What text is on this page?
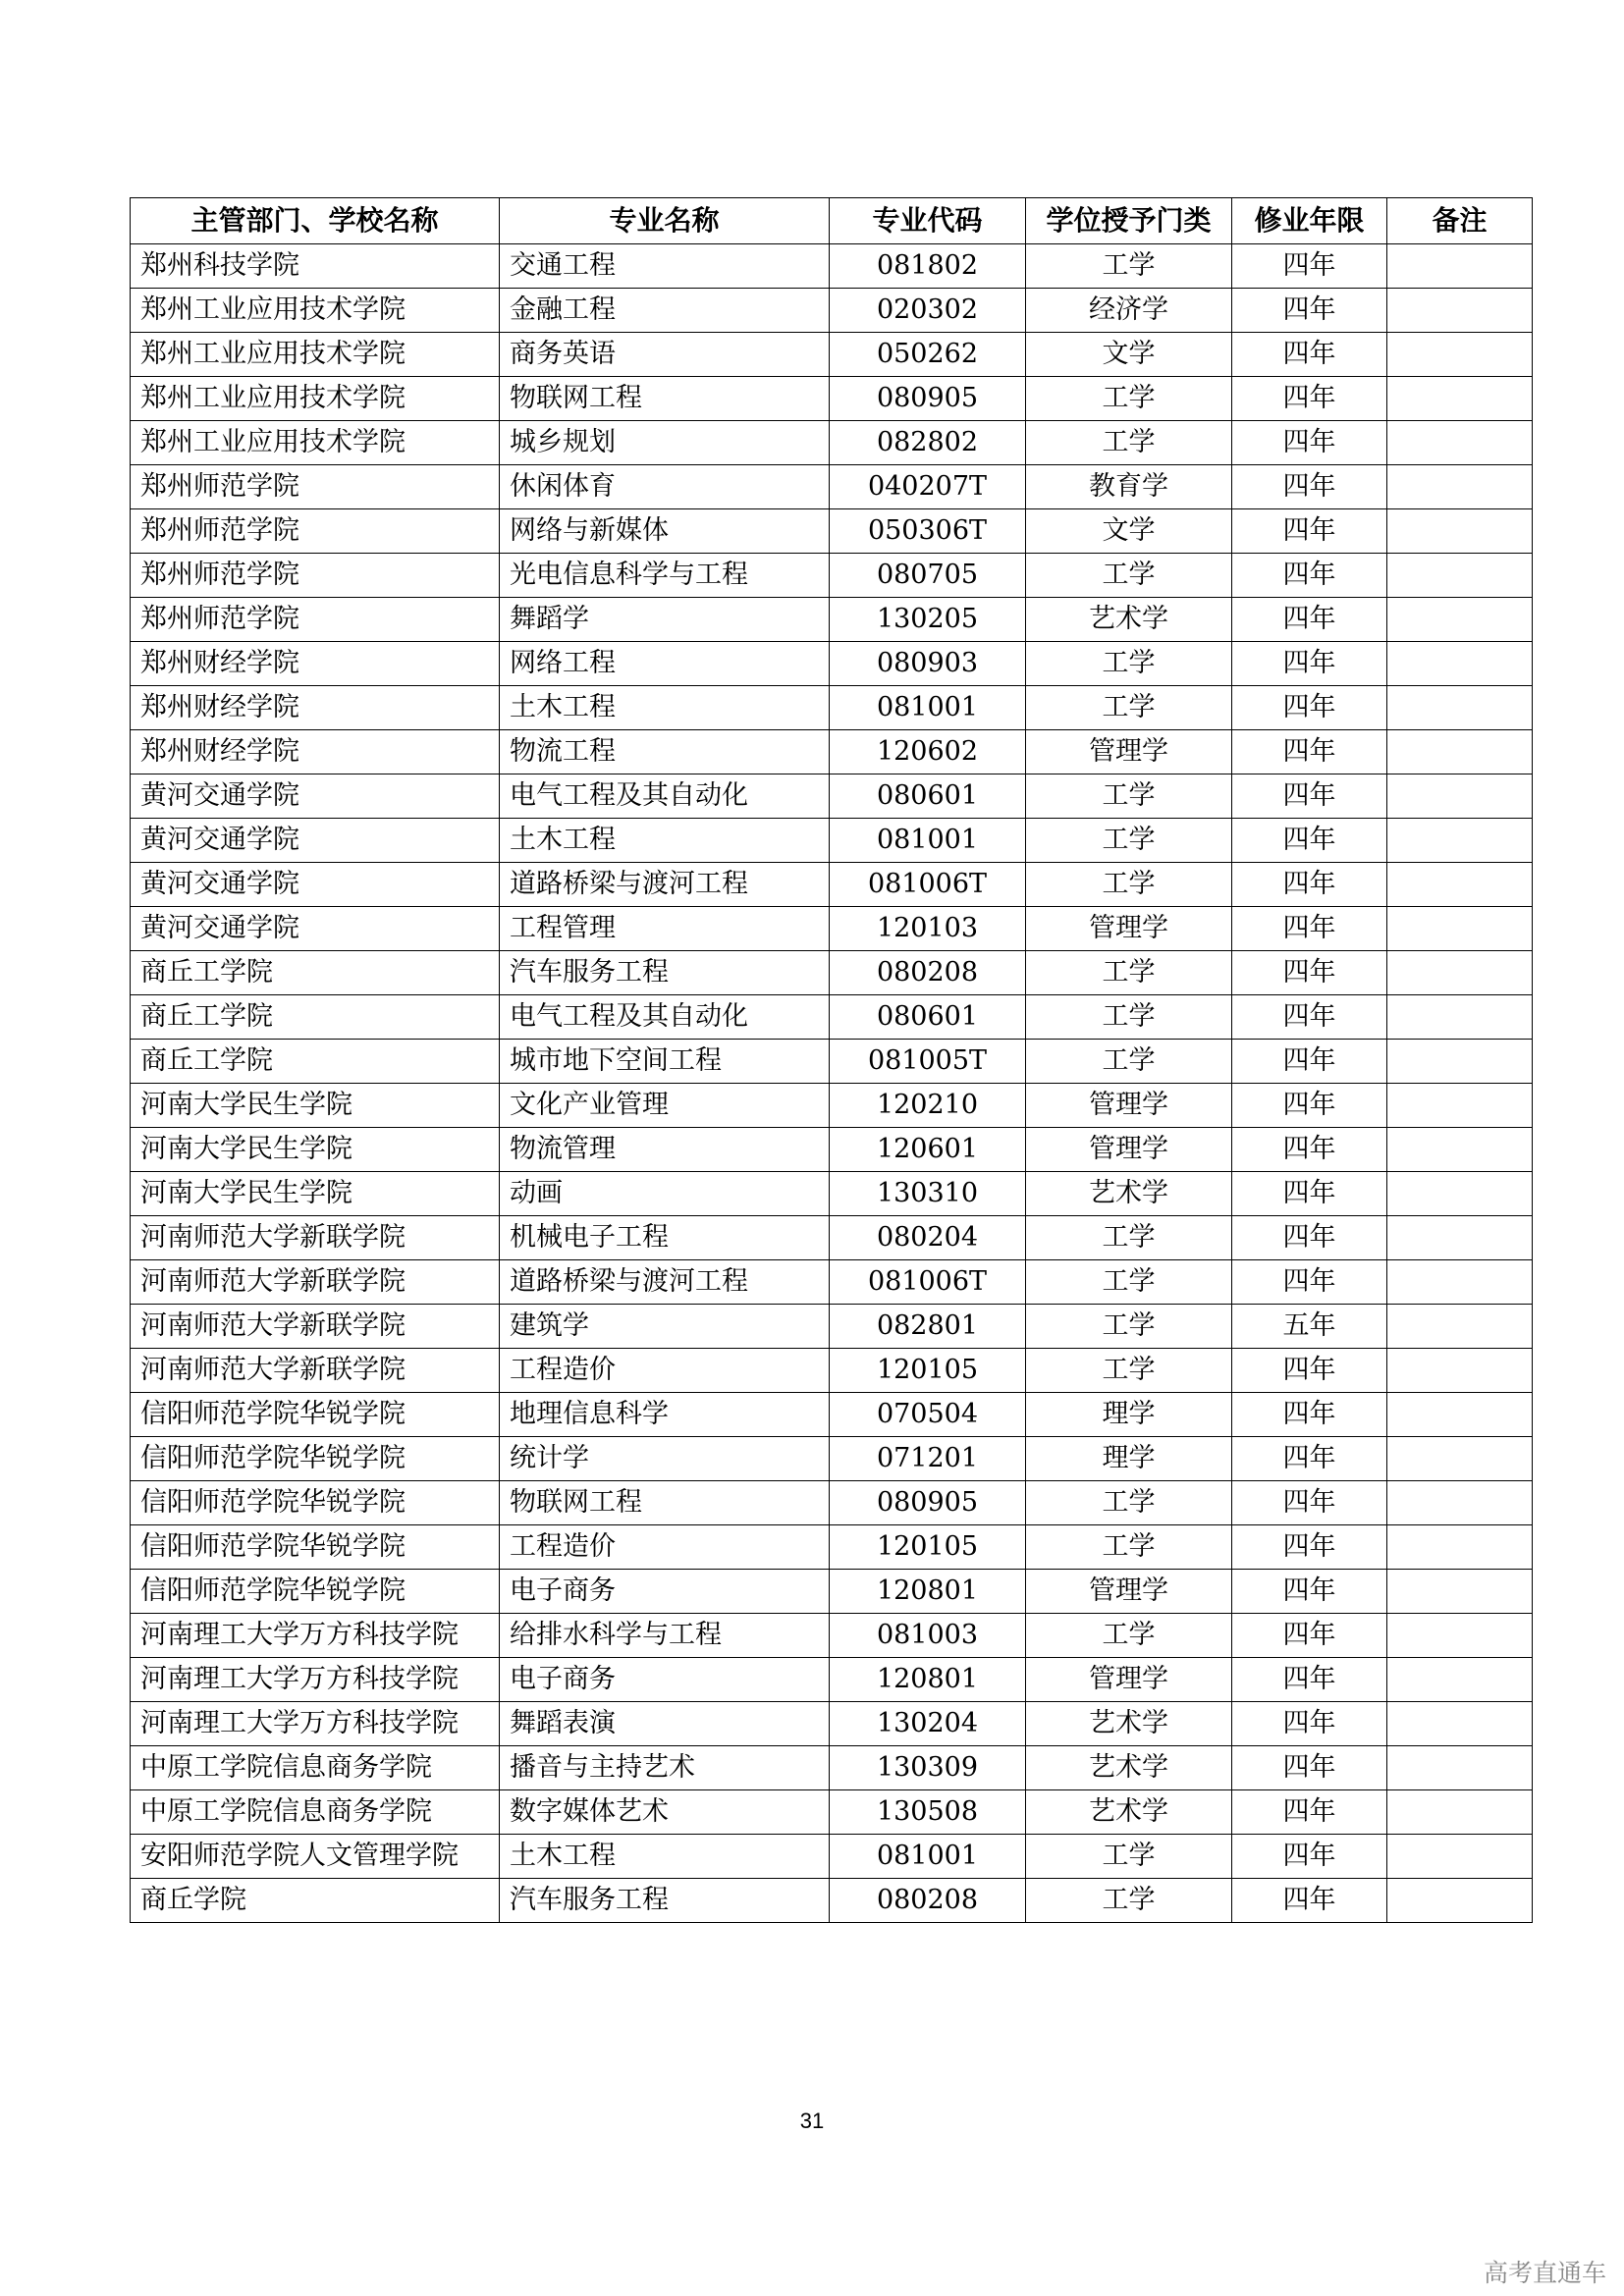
主管部门、学校名称	专业名称	专业代码	学位授予门类	修业年限	备注
郑州科技学院	交通工程	081802	工学	四年	
郑州工业应用技术学院	金融工程	020302	经济学	四年	
郑州工业应用技术学院	商务英语	050262	文学	四年	
郑州工业应用技术学院	物联网工程	080905	工学	四年	
郑州工业应用技术学院	城乡规划	082802	工学	四年	
郑州师范学院	休闲体育	040207T	教育学	四年	
郑州师范学院	网络与新媒体	050306T	文学	四年	
郑州师范学院	光电信息科学与工程	080705	工学	四年	
郑州师范学院	舞蹈学	130205	艺术学	四年	
郑州财经学院	网络工程	080903	工学	四年	
郑州财经学院	土木工程	081001	工学	四年	
郑州财经学院	物流工程	120602	管理学	四年	
黄河交通学院	电气工程及其自动化	080601	工学	四年	
黄河交通学院	土木工程	081001	工学	四年	
黄河交通学院	道路桥梁与渡河工程	081006T	工学	四年	
黄河交通学院	工程管理	120103	管理学	四年	
商丘工学院	汽车服务工程	080208	工学	四年	
商丘工学院	电气工程及其自动化	080601	工学	四年	
商丘工学院	城市地下空间工程	081005T	工学	四年	
河南大学民生学院	文化产业管理	120210	管理学	四年	
河南大学民生学院	物流管理	120601	管理学	四年	
河南大学民生学院	动画	130310	艺术学	四年	
河南师范大学新联学院	机械电子工程	080204	工学	四年	
河南师范大学新联学院	道路桥梁与渡河工程	081006T	工学	四年	
河南师范大学新联学院	建筑学	082801	工学	五年	
河南师范大学新联学院	工程造价	120105	工学	四年	
信阳师范学院华锐学院	地理信息科学	070504	理学	四年	
信阳师范学院华锐学院	统计学	071201	理学	四年	
信阳师范学院华锐学院	物联网工程	080905	工学	四年	
信阳师范学院华锐学院	工程造价	120105	工学	四年	
信阳师范学院华锐学院	电子商务	120801	管理学	四年	
河南理工大学万方科技学院	给排水科学与工程	081003	工学	四年	
河南理工大学万方科技学院	电子商务	120801	管理学	四年	
河南理工大学万方科技学院	舞蹈表演	130204	艺术学	四年	
中原工学院信息商务学院	播音与主持艺术	130309	艺术学	四年	
中原工学院信息商务学院	数字媒体艺术	130508	艺术学	四年	
安阳师范学院人文管理学院	土木工程	081001	工学	四年	
商丘学院	汽车服务工程	080208	工学	四年	
31
高考直通车
